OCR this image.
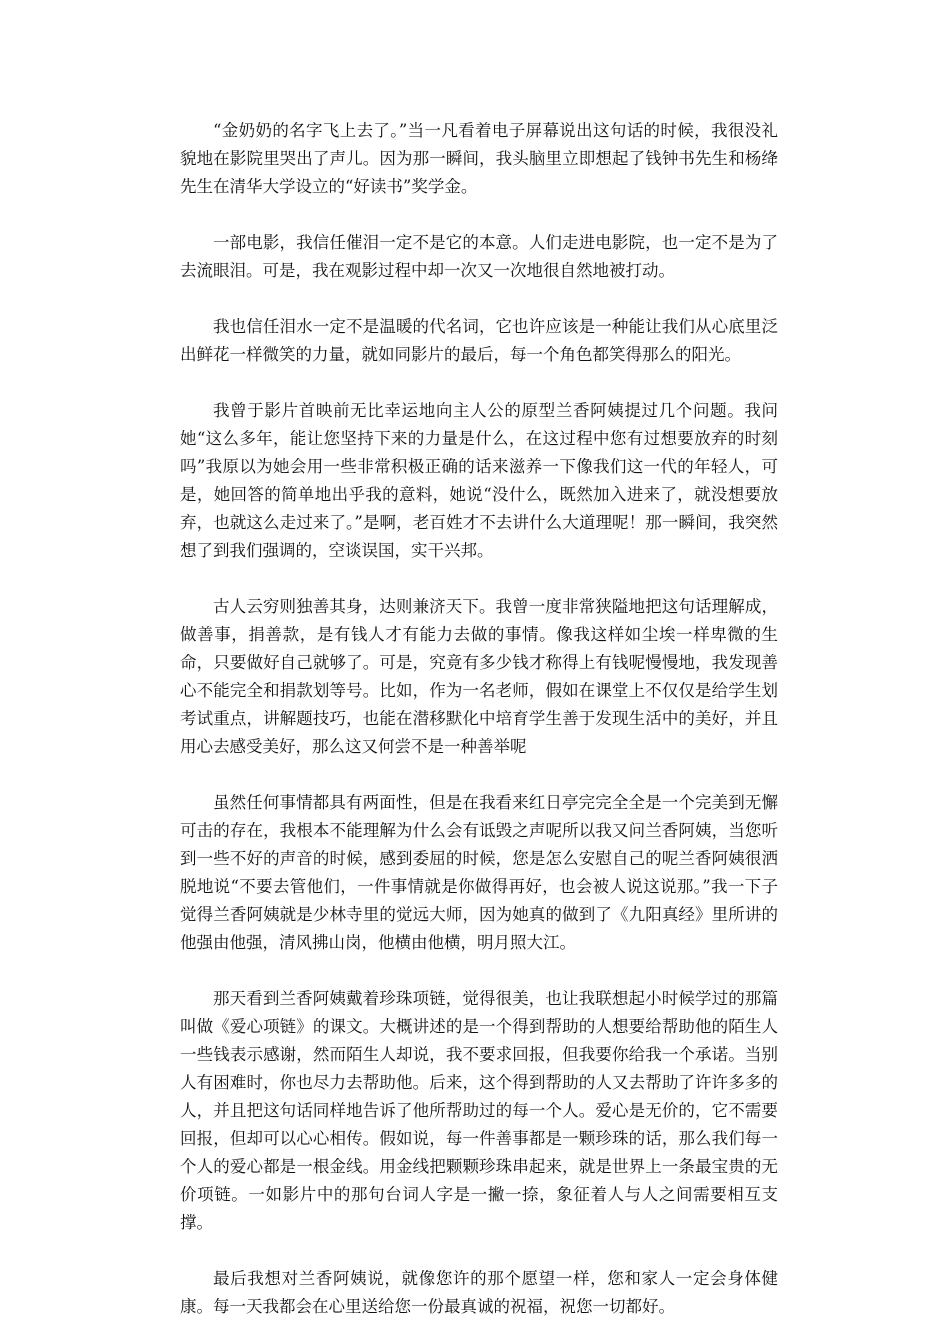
“金奶奶的名字飞上去了。”当一凡看着电子屏幕说出这句话的时候，我很没礼貌地在影院里哭出了声儿。因为那一瞬间，我头脑里立即想起了钱钟书先生和杨绛先生在清华大学设立的“好读书”奖学金。

一部电影，我信任催泪一定不是它的本意。人们走进电影院，也一定不是为了去流眼泪。可是，我在观影过程中却一次又一次地很自然地被打动。

我也信任泪水一定不是温暖的代名词，它也许应该是一种能让我们从心底里泛出鲜花一样微笑的力量，就如同影片的最后，每一个角色都笑得那么的阳光。

我曾于影片首映前无比幸运地向主人公的原型兰香阿姨提过几个问题。我问她“这么多年，能让您坚持下来的力量是什么，在这过程中您有过想要放弃的时刻吗”我原以为她会用一些非常积极正确的话来滋养一下像我们这一代的年轻人，可是，她回答的简单地出乎我的意料，她说“没什么，既然加入进来了，就没想要放弃，也就这么走过来了。”是啊，老百姓才不去讲什么大道理呢！那一瞬间，我突然想了到我们强调的，空谈误国，实干兴邦。

古人云穷则独善其身，达则兼济天下。我曾一度非常狭隘地把这句话理解成，做善事，捐善款，是有钱人才有能力去做的事情。像我这样如尘埃一样卑微的生命，只要做好自己就够了。可是，究竟有多少钱才称得上有钱呢慢慢地，我发现善心不能完全和捐款划等号。比如，作为一名老师，假如在课堂上不仅仅是给学生划考试重点，讲解题技巧，也能在潜移默化中培育学生善于发现生活中的美好，并且用心去感受美好，那么这又何尝不是一种善举呢

虽然任何事情都具有两面性，但是在我看来红日亭完完全全是一个完美到无懈可击的存在，我根本不能理解为什么会有诋毁之声呢所以我又问兰香阿姨，当您听到一些不好的声音的时候，感到委屈的时候，您是怎么安慰自己的呢兰香阿姨很洒脱地说“不要去管他们，一件事情就是你做得再好，也会被人说这说那。”我一下子觉得兰香阿姨就是少林寺里的觉远大师，因为她真的做到了《九阳真经》里所讲的他强由他强，清风拂山岗，他横由他横，明月照大江。

那天看到兰香阿姨戴着珍珠项链，觉得很美，也让我联想起小时候学过的那篇叫做《爱心项链》的课文。大概讲述的是一个得到帮助的人想要给帮助他的陌生人一些钱表示感谢，然而陌生人却说，我不要求回报，但我要你给我一个承诺。当别人有困难时，你也尽力去帮助他。后来，这个得到帮助的人又去帮助了许许多多的人，并且把这句话同样地告诉了他所帮助过的每一个人。爱心是无价的，它不需要回报，但却可以心心相传。假如说，每一件善事都是一颗珍珠的话，那么我们每一个人的爱心都是一根金线。用金线把颗颗珍珠串起来，就是世界上一条最宝贵的无价项链。一如影片中的那句台词人字是一撇一捺，象征着人与人之间需要相互支撑。

最后我想对兰香阿姨说，就像您许的那个愿望一样，您和家人一定会身体健康。每一天我都会在心里送给您一份最真诚的祝福，祝您一切都好。
